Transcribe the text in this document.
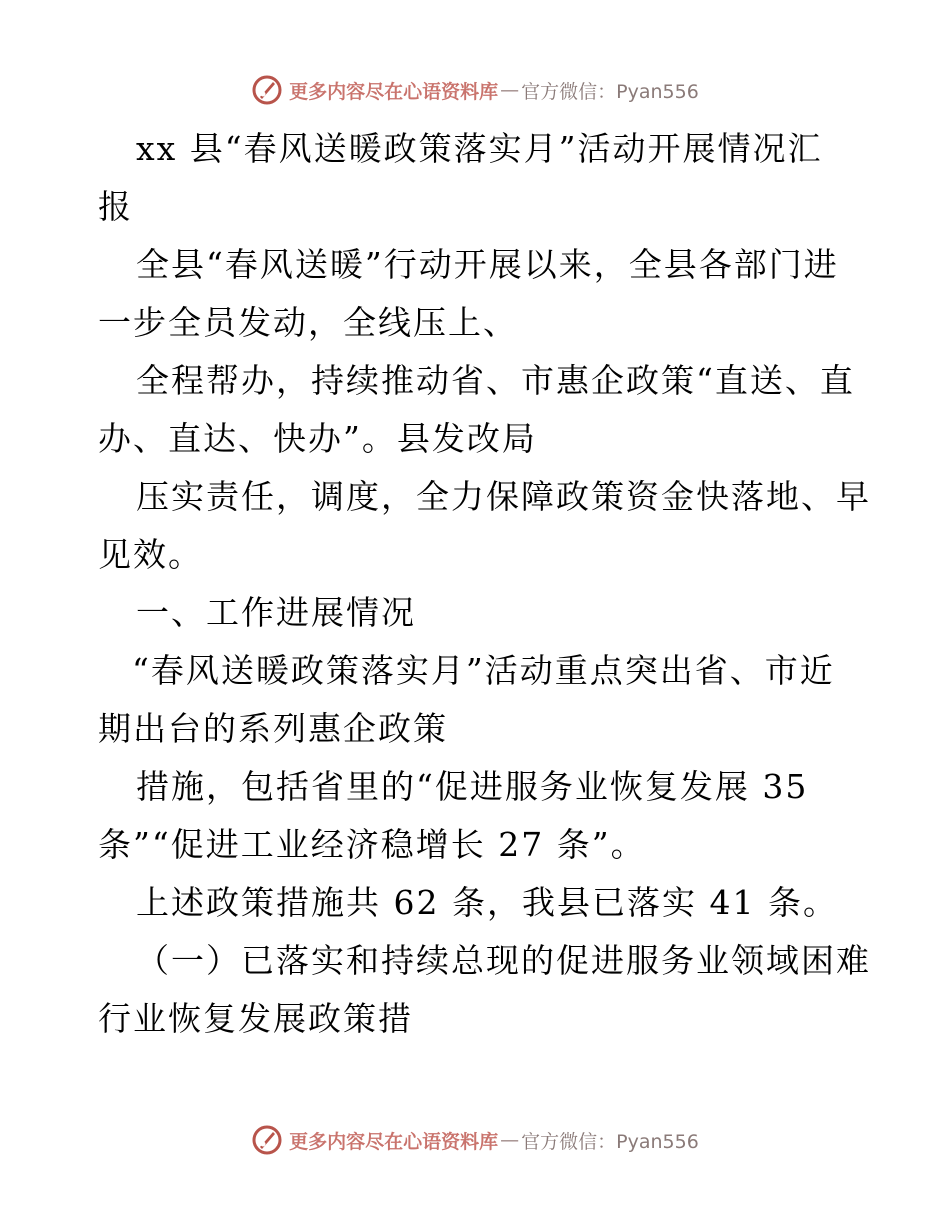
更多内容尽在心语资料库 — 官方微信：Pyan556
xx 县“春风送暖政策落实月”活动开展情况汇
报
全县“春风送暖”行动开展以来，全县各部门进
一步全员发动，全线压上、
全程帮办，持续推动省、市惠企政策“直送、直
办、直达、快办”。县发改局
压实责任，调度，全力保障政策资金快落地、早
见效。
一、工作进展情况
“春风送暖政策落实月”活动重点突出省、市近
期出台的系列惠企政策
措施，包括省里的“促进服务业恢复发展 35
条”“促进工业经济稳增长 27 条”。
上述政策措施共 62 条，我县已落实 41 条。
（一）已落实和持续总现的促进服务业领域困难
行业恢复发展政策措
更多内容尽在心语资料库 — 官方微信：Pyan556
